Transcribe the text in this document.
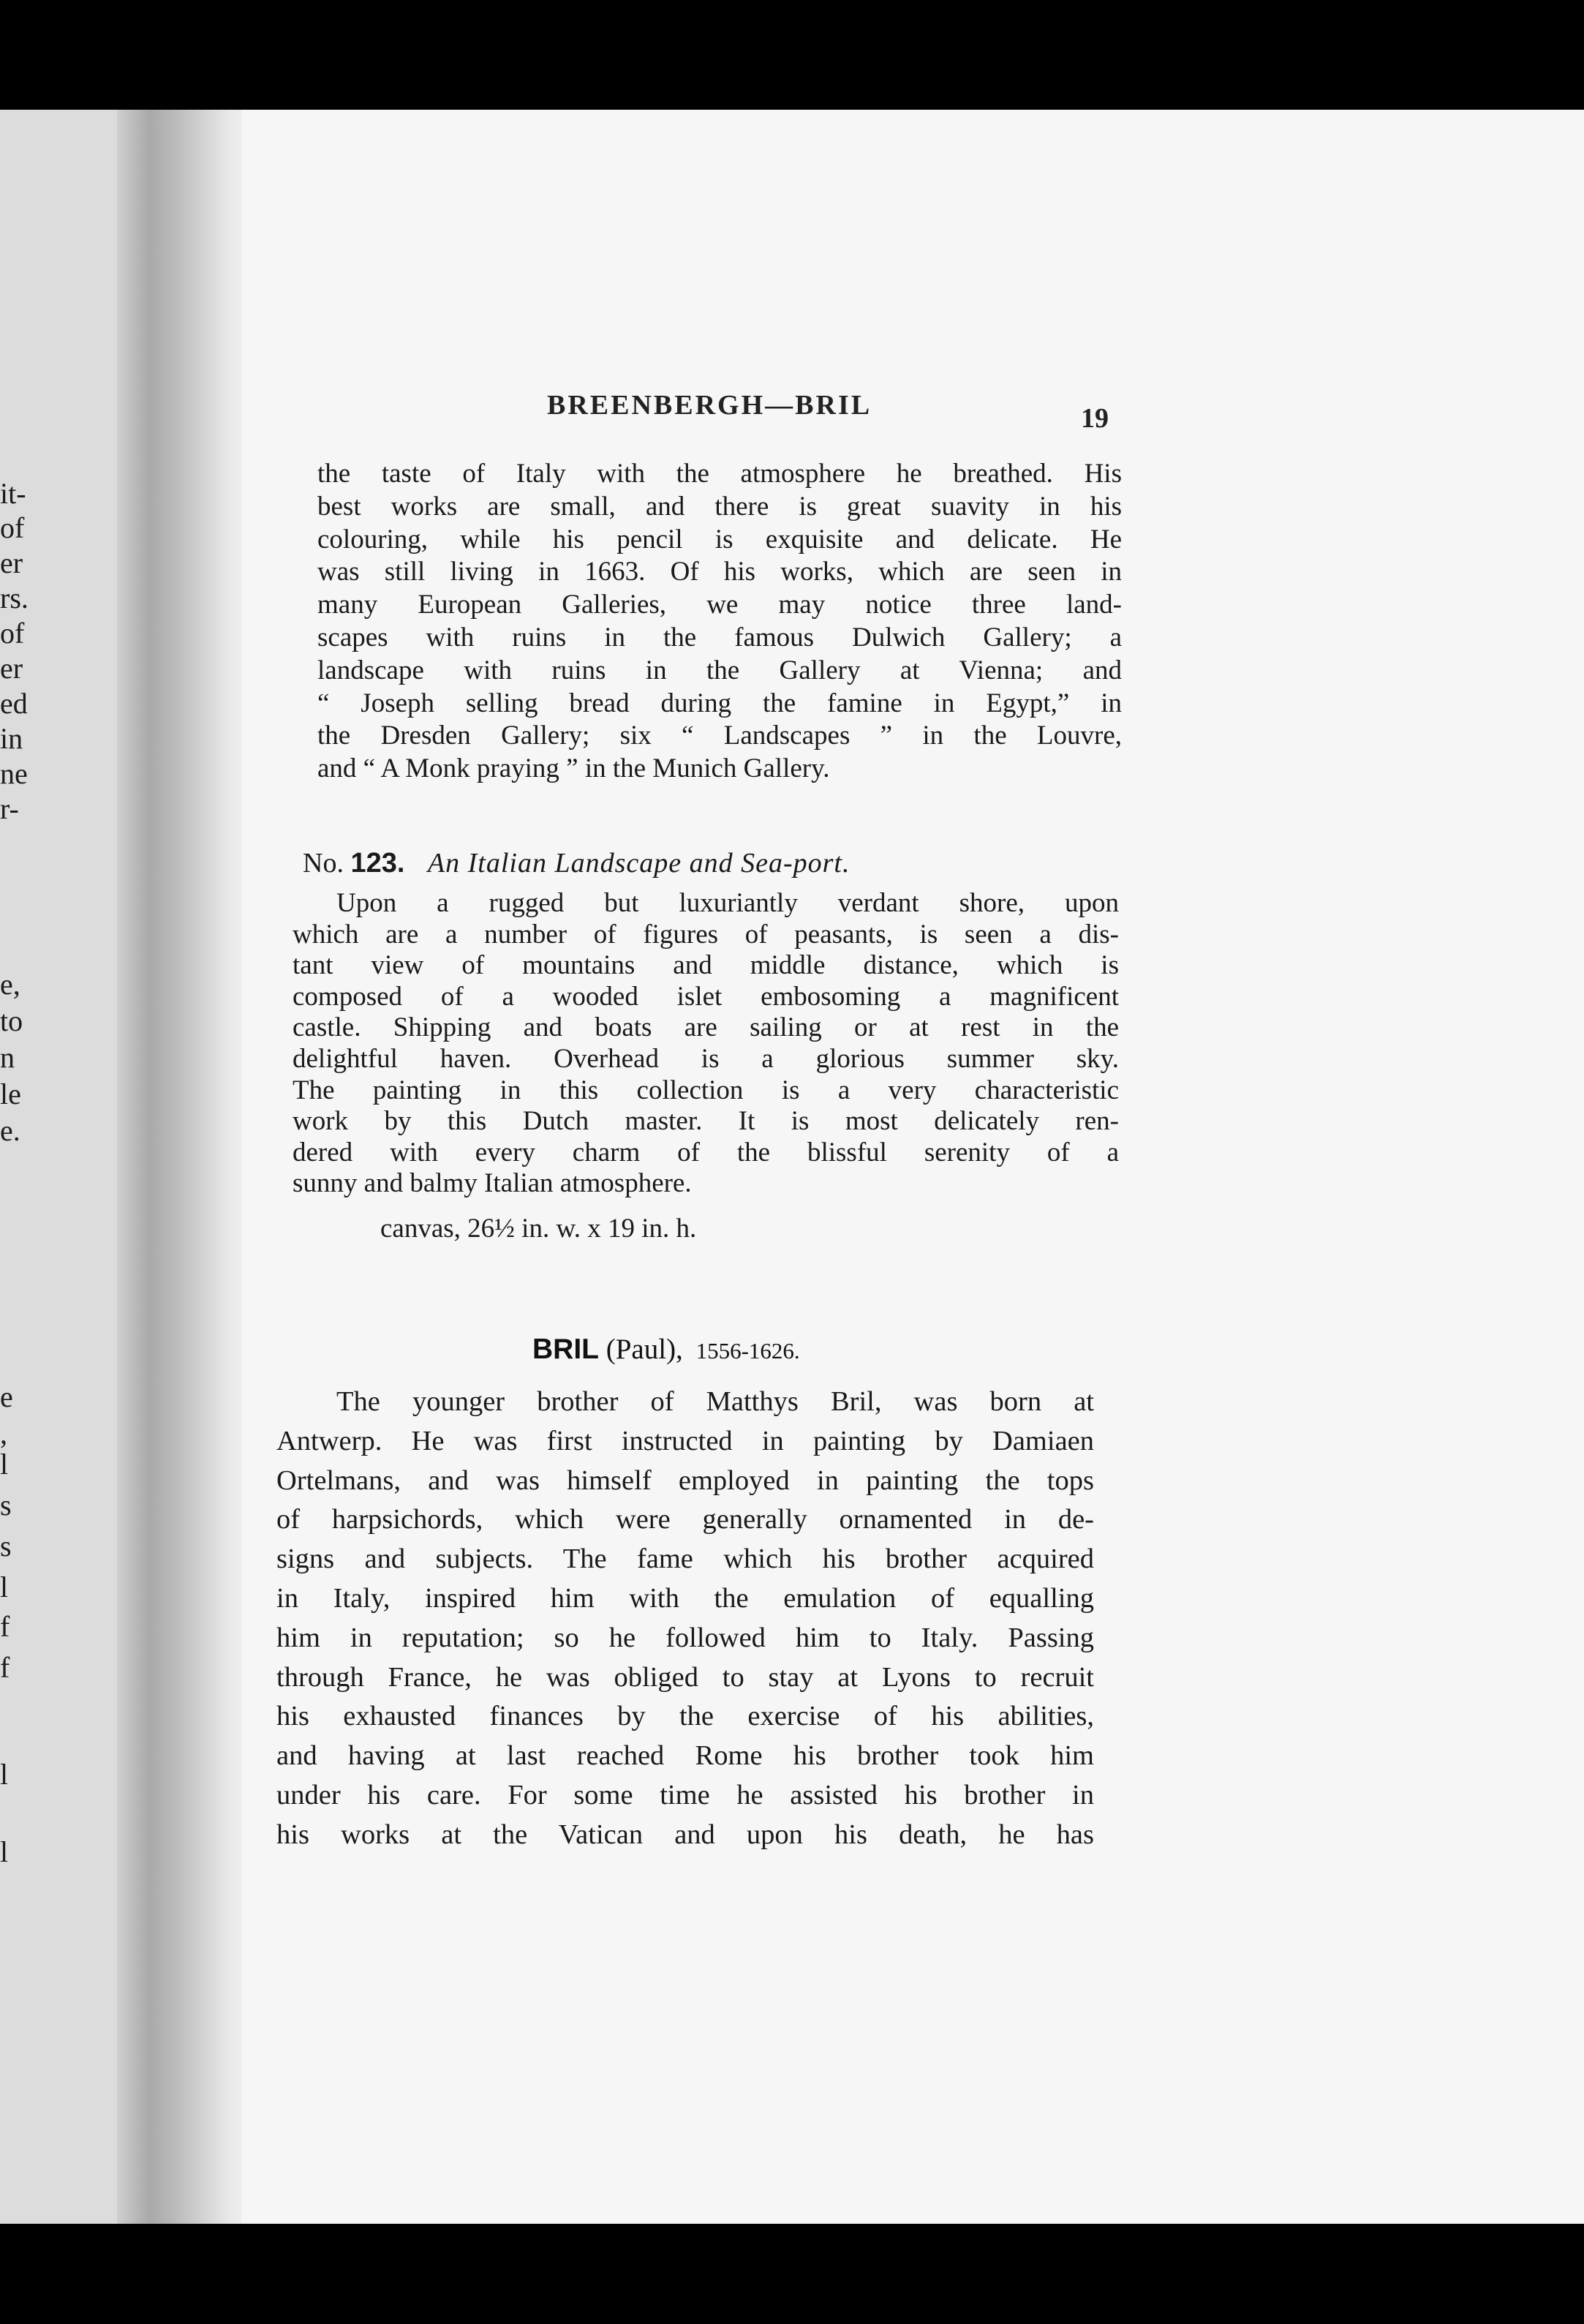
it-
of
er
rs.
of
er
ed
in
ne
r-
e,
to
n
le
e.
e
,
l
s
s
l
f
f
l
l
BREENBERGH—BRIL	19
the taste of Italy with the atmosphere he breathed. His
best works are small, and there is great suavity in his
colouring, while his pencil is exquisite and delicate. He
was still living in 1663. Of his works, which are seen in
many European Galleries, we may notice three land-
scapes with ruins in the famous Dulwich Gallery; a
landscape with ruins in the Gallery at Vienna; and
“ Joseph selling bread during the famine in Egypt,” in
the Dresden Gallery; six “ Landscapes ” in the Louvre,
and “ A Monk praying ” in the Munich Gallery.
No. 123. An Italian Landscape and Sea-port.
Upon a rugged but luxuriantly verdant shore, upon
which are a number of figures of peasants, is seen a dis-
tant view of mountains and middle distance, which is
composed of a wooded islet embosoming a magnificent
castle. Shipping and boats are sailing or at rest in the
delightful haven. Overhead is a glorious summer sky.
The painting in this collection is a very characteristic
work by this Dutch master. It is most delicately ren-
dered with every charm of the blissful serenity of a
sunny and balmy Italian atmosphere.
canvas, 26½ in. w. x 19 in. h.
BRIL (Paul), 1556-1626.
The younger brother of Matthys Bril, was born at
Antwerp. He was first instructed in painting by Damiaen
Ortelmans, and was himself employed in painting the tops
of harpsichords, which were generally ornamented in de-
signs and subjects. The fame which his brother acquired
in Italy, inspired him with the emulation of equalling
him in reputation; so he followed him to Italy. Passing
through France, he was obliged to stay at Lyons to recruit
his exhausted finances by the exercise of his abilities,
and having at last reached Rome his brother took him
under his care. For some time he assisted his brother in
his works at the Vatican and upon his death, he has
